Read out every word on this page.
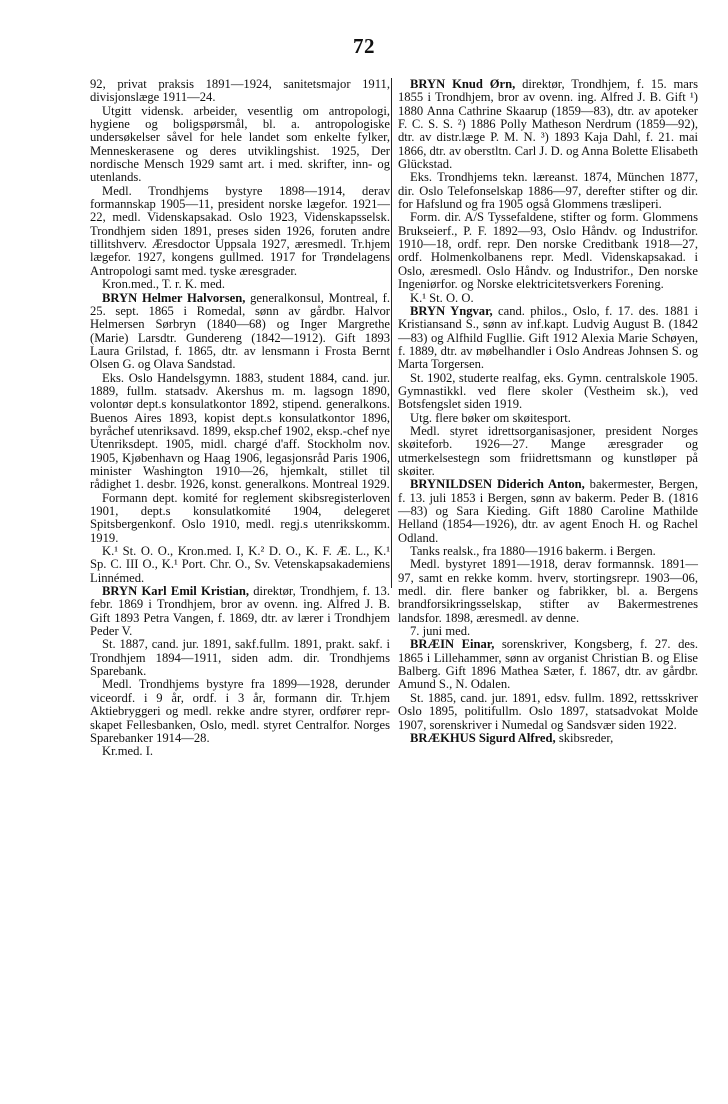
72

92, privat praksis 1891—1924, sanitetsmajor 1911, divisjonslæge 1911—24.

Utgitt vidensk. arbeider, vesentlig om antropologi, hygiene og boligspørsmål, bl. a. antropologiske undersøkelser såvel for hele landet som enkelte fylker, Menneskerasene og deres utviklingshist. 1925, Der nordische Mensch 1929 samt art. i med. skrifter, inn- og utenlands.

Medl. Trondhjems bystyre 1898—1914, derav formannskap 1905—11, president norske lægefor. 1921—22, medl. Videnskapsakad. Oslo 1923, Videnskapsselsk. Trondhjem siden 1891, preses siden 1926, foruten andre tillitshverv. Æresdoctor Uppsala 1927, æresmedl. Tr.hjem lægefor. 1927, kongens gullmed. 1917 for Trøndelagens Antropologi samt med. tyske æresgrader.

Kron.med., T. r. K. med.

BRYN Helmer Halvorsen, generalkonsul, Montreal, f. 25. sept. 1865 i Romedal, sønn av gårdbr. Halvor Helmersen Sørbryn (1840—68) og Inger Margrethe (Marie) Larsdtr. Gundereng (1842—1912). Gift 1893 Laura Grilstad, f. 1865, dtr. av lensmann i Frosta Bernt Olsen G. og Olava Sandstad.

Eks. Oslo Handelsgymn. 1883, student 1884, cand. jur. 1889, fullm. statsadv. Akershus m. m. lagsogn 1890, volontør dept.s konsulatkontor 1892, stipend. generalkons. Buenos Aires 1893, kopist dept.s konsulatkontor 1896, byråchef utenriksavd. 1899, eksp.chef 1902, eksp.-chef nye Utenriksdept. 1905, midl. chargé d'aff. Stockholm nov. 1905, Kjøbenhavn og Haag 1906, legasjonsråd Paris 1906, minister Washington 1910—26, hjemkalt, stillet til rådighet 1. desbr. 1926, konst. generalkons. Montreal 1929.

Formann dept. komité for reglement skibsregisterloven 1901, dept.s konsulatkomité 1904, delegeret Spitsbergenkonf. Oslo 1910, medl. regj.s utenrikskomm. 1919.

K.¹ St. O. O., Kron.med. I, K.² D. O., K. F. Æ. L., K.¹ Sp. C. III O., K.¹ Port. Chr. O., Sv. Vetenskapsakademiens Linnémed.

BRYN Karl Emil Kristian, direktør, Trondhjem, f. 13. febr. 1869 i Trondhjem, bror av ovenn. ing. Alfred J. B. Gift 1893 Petra Vangen, f. 1869, dtr. av lærer i Trondhjem Peder V.

St. 1887, cand. jur. 1891, sakf.fullm. 1891, prakt. sakf. i Trondhjem 1894—1911, siden adm. dir. Trondhjems Sparebank.

Medl. Trondhjems bystyre fra 1899—1928, derunder viceordf. i 9 år, ordf. i 3 år, formann dir. Tr.hjem Aktiebryggeri og medl. rekke andre styrer, ordfører repr-skapet Fellesbanken, Oslo, medl. styret Centralfor. Norges Sparebanker 1914—28.

Kr.med. I.

BRYN Knud Ørn, direktør, Trondhjem, f. 15. mars 1855 i Trondhjem, bror av ovenn. ing. Alfred J. B. Gift ¹) 1880 Anna Cathrine Skaarup (1859—83), dtr. av apoteker F. C. S. S. ²) 1886 Polly Matheson Nerdrum (1859—92), dtr. av distr.læge P. M. N. ³) 1893 Kaja Dahl, f. 21. mai 1866, dtr. av oberstltn. Carl J. D. og Anna Bolette Elisabeth Glückstad.

Eks. Trondhjems tekn. læreanst. 1874, München 1877, dir. Oslo Telefonselskap 1886—97, derefter stifter og dir. for Hafslund og fra 1905 også Glommens træsliperi.

Form. dir. A/S Tyssefaldene, stifter og form. Glommens Brukseierf., P. F. 1892—93, Oslo Håndv. og Industrifor. 1910—18, ordf. repr. Den norske Creditbank 1918—27, ordf. Holmenkolbanens repr. Medl. Videnskapsakad. i Oslo, æresmedl. Oslo Håndv. og Industrifor., Den norske Ingeniørfor. og Norske elektricitetsverkers Forening.

K.¹ St. O. O.

BRYN Yngvar, cand. philos., Oslo, f. 17. des. 1881 i Kristiansand S., sønn av inf.kapt. Ludvig August B. (1842—83) og Alfhild Fugllie. Gift 1912 Alexia Marie Schøyen, f. 1889, dtr. av møbelhandler i Oslo Andreas Johnsen S. og Marta Torgersen.

St. 1902, studerte realfag, eks. Gymn. centralskole 1905. Gymnastikkl. ved flere skoler (Vestheim sk.), ved Botsfengslet siden 1919.

Utg. flere bøker om skøitesport.

Medl. styret idrettsorganisasjoner, president Norges skøiteforb. 1926—27. Mange æresgrader og utmerkelsestegn som friidrettsmann og kunstløper på skøiter.

BRYNILDSEN Diderich Anton, bakermester, Bergen, f. 13. juli 1853 i Bergen, sønn av bakerm. Peder B. (1816—83) og Sara Kieding. Gift 1880 Caroline Mathilde Helland (1854—1926), dtr. av agent Enoch H. og Rachel Odland.

Tanks realsk., fra 1880—1916 bakerm. i Bergen.

Medl. bystyret 1891—1918, derav formannsk. 1891—97, samt en rekke komm. hverv, stortingsrepr. 1903—06, medl. dir. flere banker og fabrikker, bl. a. Bergens brandforsikringsselskap, stifter av Bakermestrenes landsfor. 1898, æresmedl. av denne.

7. juni med.

BRÆIN Einar, sorenskriver, Kongsberg, f. 27. des. 1865 i Lillehammer, sønn av organist Christian B. og Elise Balberg. Gift 1896 Mathea Sæter, f. 1867, dtr. av gårdbr. Amund S., N. Odalen.

St. 1885, cand. jur. 1891, edsv. fullm. 1892, rettsskriver Oslo 1895, politifullm. Oslo 1897, statsadvokat Molde 1907, sorenskriver i Numedal og Sandsvær siden 1922.

BRÆKHUS Sigurd Alfred, skibsreder,
